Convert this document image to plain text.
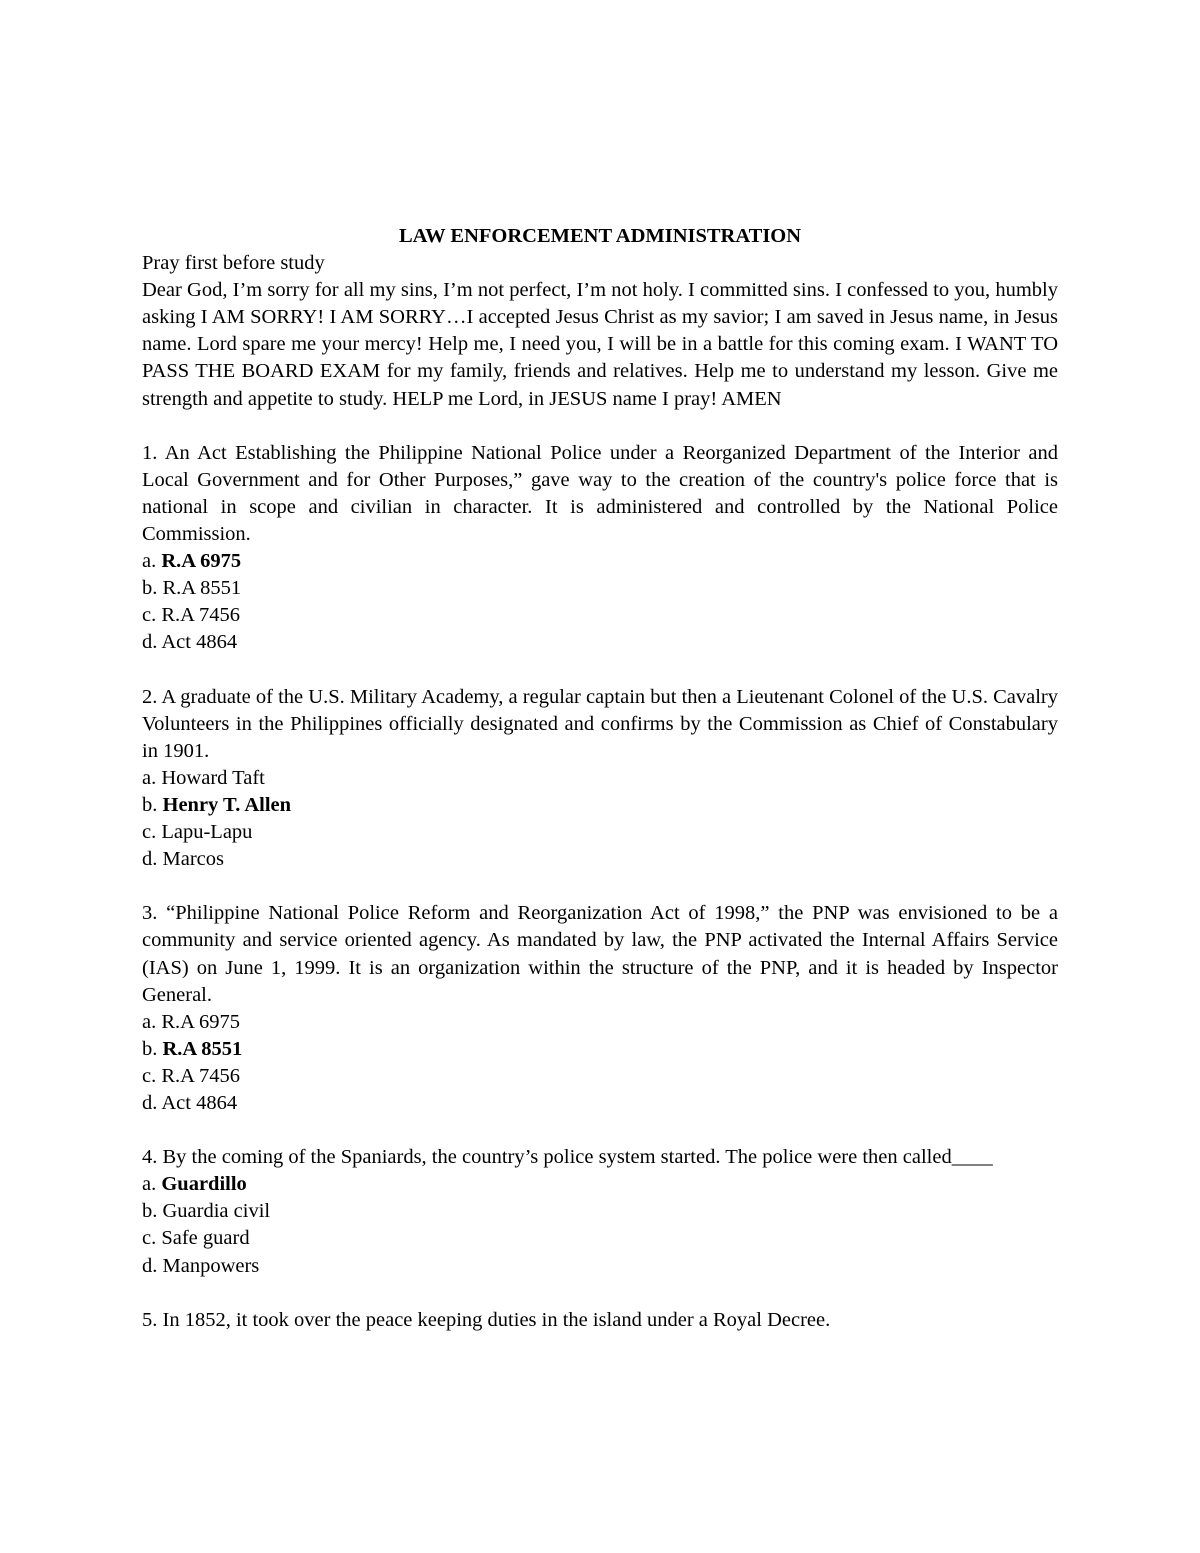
LAW ENFORCEMENT ADMINISTRATION

Pray first before study

Dear God, I’m sorry for all my sins, I’m not perfect, I’m not holy. I committed sins. I confessed to you, humbly asking I AM SORRY! I AM SORRY…I accepted Jesus Christ as my savior; I am saved in Jesus name, in Jesus name. Lord spare me your mercy! Help me, I need you, I will be in a battle for this coming exam. I WANT TO PASS THE BOARD EXAM for my family, friends and relatives. Help me to understand my lesson. Give me strength and appetite to study. HELP me Lord, in JESUS name I pray! AMEN

1. An Act Establishing the Philippine National Police under a Reorganized Department of the Interior and Local Government and for Other Purposes,” gave way to the creation of the country's police force that is national in scope and civilian in character. It is administered and controlled by the National Police Commission.

a. R.A 6975

b. R.A 8551

c. R.A 7456

d. Act 4864

2. A graduate of the U.S. Military Academy, a regular captain but then a Lieutenant Colonel of the U.S. Cavalry Volunteers in the Philippines officially designated and confirms by the Commission as Chief of Constabulary in 1901.

a. Howard Taft

b. Henry T. Allen

c. Lapu-Lapu

d. Marcos

3. “Philippine National Police Reform and Reorganization Act of 1998,” the PNP was envisioned to be a community and service oriented agency. As mandated by law, the PNP activated the Internal Affairs Service (IAS) on June 1, 1999. It is an organization within the structure of the PNP, and it is headed by Inspector General.

a. R.A 6975

b. R.A 8551

c. R.A 7456

d. Act 4864

4. By the coming of the Spaniards, the country’s police system started. The police were then called____

a. Guardillo

b. Guardia civil

c. Safe guard

d. Manpowers

5. In 1852, it took over the peace keeping duties in the island under a Royal Decree.
